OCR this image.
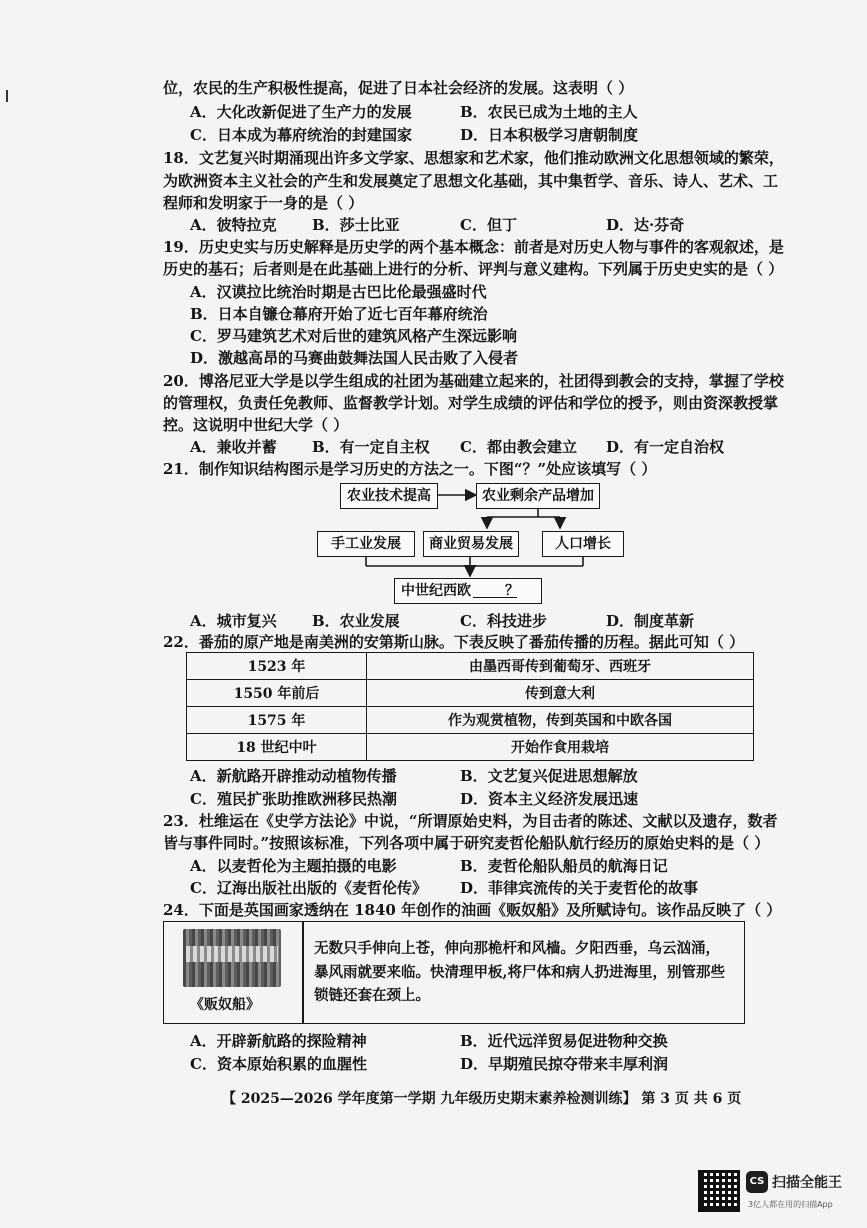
位，农民的生产积极性提高，促进了日本社会经济的发展。这表明（ ）
A．大化改新促进了生产力的发展	B．农民已成为土地的主人
C．日本成为幕府统治的封建国家	D．日本积极学习唐朝制度
18．文艺复兴时期涌现出许多文学家、思想家和艺术家，他们推动欧洲文化思想领域的繁荣，
为欧洲资本主义社会的产生和发展奠定了思想文化基础，其中集哲学、音乐、诗人、艺术、工
程师和发明家于一身的是（ ）
A．彼特拉克 B．莎士比亚	C．但丁	D．达·芬奇
19．历史史实与历史解释是历史学的两个基本概念：前者是对历史人物与事件的客观叙述，是
历史的基石；后者则是在此基础上进行的分析、评判与意义建构。下列属于历史史实的是（ ）
A．汉谟拉比统治时期是古巴比伦最强盛时代
B．日本自镰仓幕府开始了近七百年幕府统治
C．罗马建筑艺术对后世的建筑风格产生深远影响
D．激越高昂的马赛曲鼓舞法国人民击败了入侵者
20．博洛尼亚大学是以学生组成的社团为基础建立起来的，社团得到教会的支持，掌握了学校
的管理权，负责任免教师、监督教学计划。对学生成绩的评估和学位的授予，则由资深教授掌
控。这说明中世纪大学（ ）
A．兼收并蓄 B．有一定自主权 C．都由教会建立 D．有一定自治权
21．制作知识结构图示是学习历史的方法之一。下图“？”处应该填写（ ）
农业技术提高	农业剩余产品增加
手工业发展	商业贸易发展	人口增长
中世纪西欧 ？
A．城市复兴 B．农业发展	C．科技进步	D．制度革新
22．番茄的原产地是南美洲的安第斯山脉。下表反映了番茄传播的历程。据此可知（ ）
1523 年	由墨西哥传到葡萄牙、西班牙
1550 年前后	传到意大利
1575 年	作为观赏植物，传到英国和中欧各国
18 世纪中叶	开始作食用栽培
A．新航路开辟推动动植物传播	B．文艺复兴促进思想解放
C．殖民扩张助推欧洲移民热潮	D．资本主义经济发展迅速
23．杜维运在《史学方法论》中说，“所谓原始史料，为目击者的陈述、文献以及遗存，数者
皆与事件同时。”按照该标准，下列各项中属于研究麦哲伦船队航行经历的原始史料的是（ ）
A．以麦哲伦为主题拍摄的电影	B．麦哲伦船队船员的航海日记
C．辽海出版社出版的《麦哲伦传》 D．菲律宾流传的关于麦哲伦的故事
24．下面是英国画家透纳在 1840 年创作的油画《贩奴船》及所赋诗句。该作品反映了（ ）
《贩奴船》
无数只手伸向上苍，伸向那桅杆和风樯。夕阳西垂，乌云汹涌，
暴风雨就要来临。快清理甲板,将尸体和病人扔进海里，别管那些
锁链还套在颈上。
A．开辟新航路的探险精神	B．近代远洋贸易促进物种交换
C．资本原始积累的血腥性	D．早期殖民掠夺带来丰厚利润
【 2025—2026 学年度第一学期 九年级历史期末素养检测训练】 第 3 页 共 6 页
CS 扫描全能王
3亿人都在用的扫描App
